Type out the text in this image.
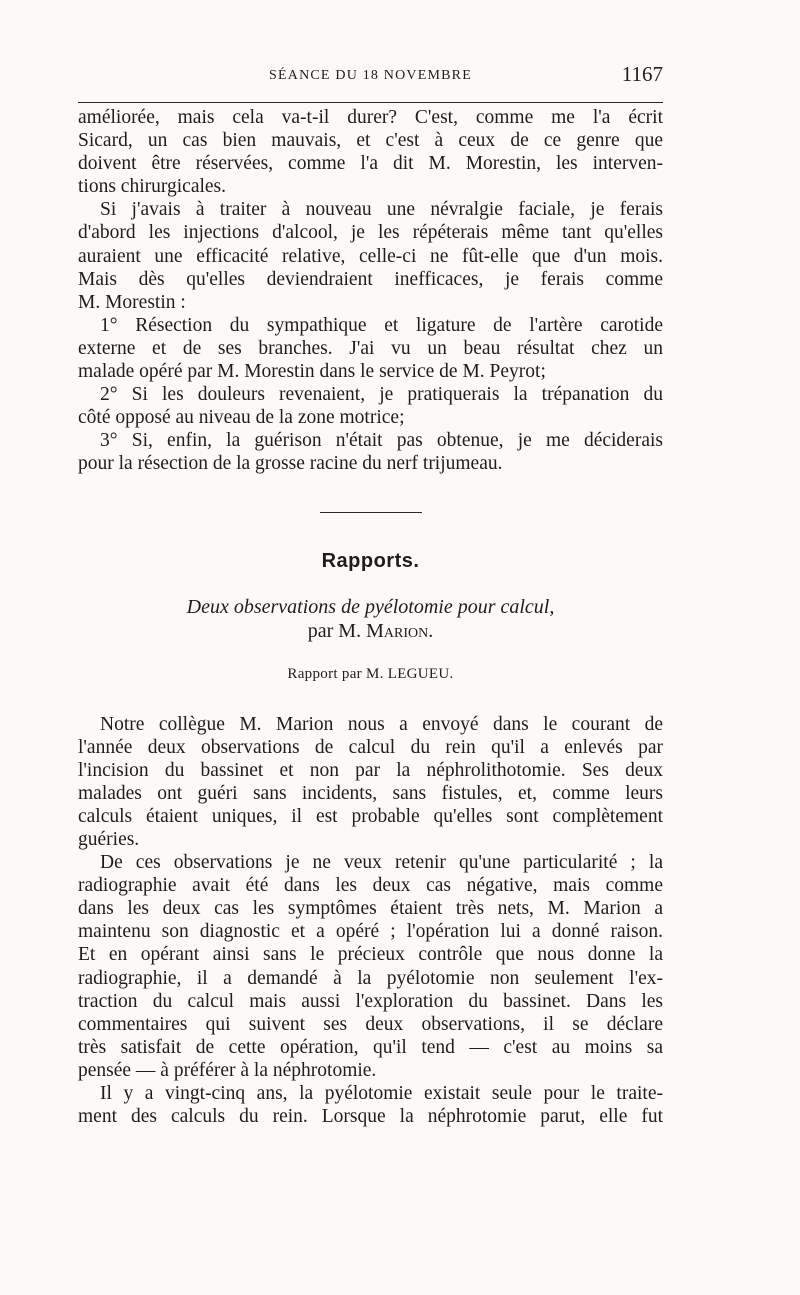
SÉANCE DU 18 NOVEMBRE	1167

améliorée, mais cela va-t-il durer? C'est, comme me l'a écrit

Sicard, un cas bien mauvais, et c'est à ceux de ce genre que

doivent être réservées, comme l'a dit M. Morestin, les interven-

tions chirurgicales.

Si j'avais à traiter à nouveau une névralgie faciale, je ferais

d'abord les injections d'alcool, je les répéterais même tant qu'elles

auraient une efficacité relative, celle-ci ne fût-elle que d'un mois.

Mais dès qu'elles deviendraient inefficaces, je ferais comme

M. Morestin :

1° Résection du sympathique et ligature de l'artère carotide

externe et de ses branches. J'ai vu un beau résultat chez un

malade opéré par M. Morestin dans le service de M. Peyrot;

2° Si les douleurs revenaient, je pratiquerais la trépanation du

côté opposé au niveau de la zone motrice;

3° Si, enfin, la guérison n'était pas obtenue, je me déciderais

pour la résection de la grosse racine du nerf trijumeau.

Rapports.
Deux observations de pyélotomie pour calcul,
par M. Marion.
Rapport par M. LEGUEU.

Notre collègue M. Marion nous a envoyé dans le courant de

l'année deux observations de calcul du rein qu'il a enlevés par

l'incision du bassinet et non par la néphrolithotomie. Ses deux

malades ont guéri sans incidents, sans fistules, et, comme leurs

calculs étaient uniques, il est probable qu'elles sont complètement

guéries.

De ces observations je ne veux retenir qu'une particularité ; la

radiographie avait été dans les deux cas négative, mais comme

dans les deux cas les symptômes étaient très nets, M. Marion a

maintenu son diagnostic et a opéré ; l'opération lui a donné raison.

Et en opérant ainsi sans le précieux contrôle que nous donne la

radiographie, il a demandé à la pyélotomie non seulement l'ex-

traction du calcul mais aussi l'exploration du bassinet. Dans les

commentaires qui suivent ses deux observations, il se déclare

très satisfait de cette opération, qu'il tend — c'est au moins sa

pensée — à préférer à la néphrotomie.

Il y a vingt-cinq ans, la pyélotomie existait seule pour le traite-

ment des calculs du rein. Lorsque la néphrotomie parut, elle fut
